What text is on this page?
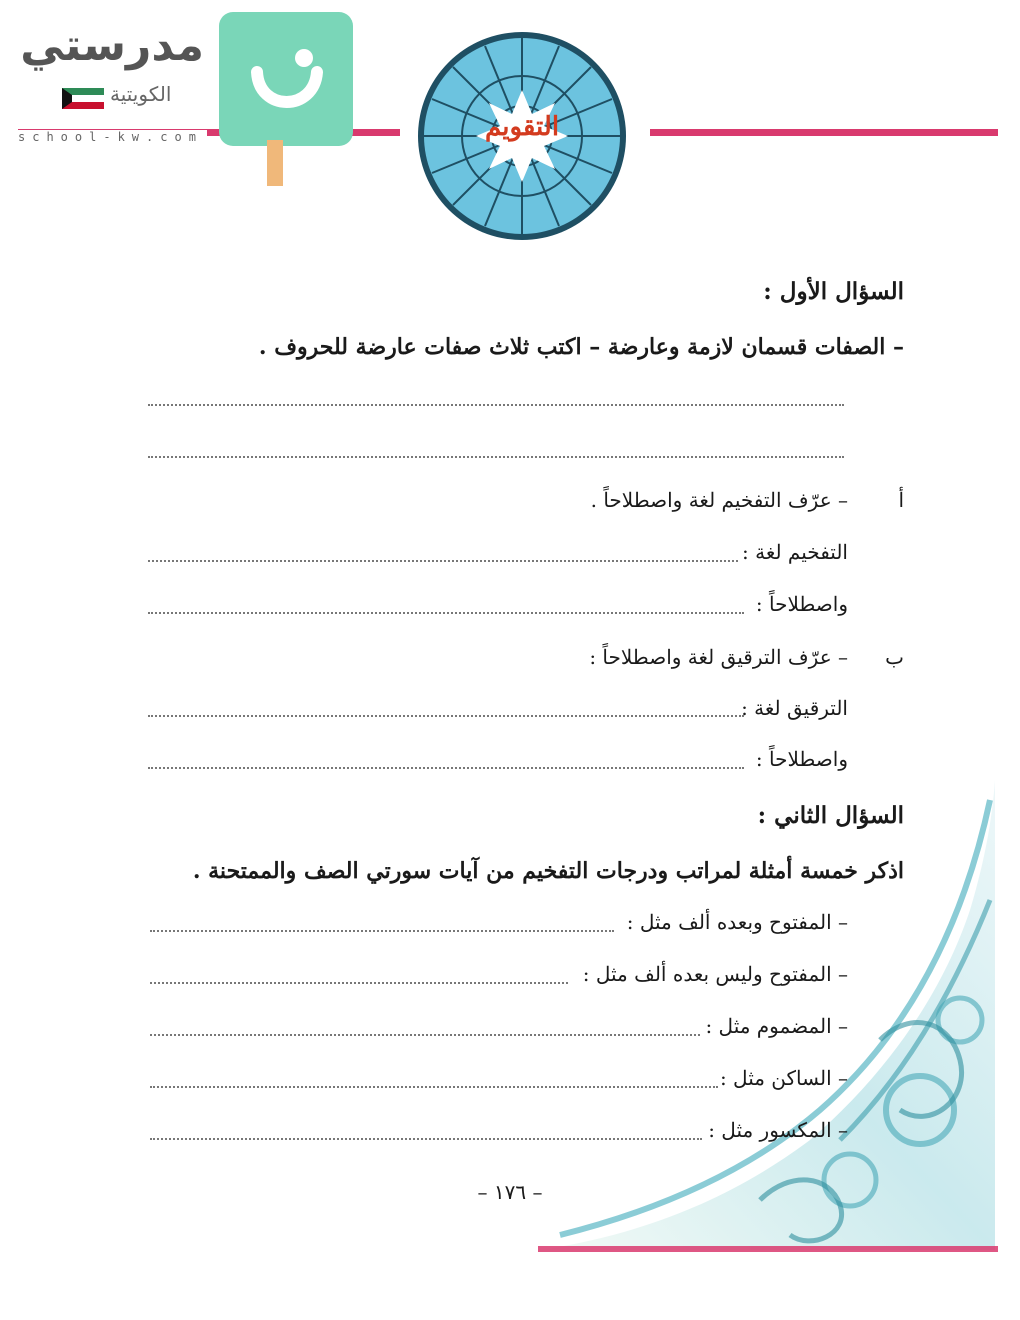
مدرستي
الكويتية
school-kw.com	التقويم
السؤال الأول :
– الصفات قسمان لازمة وعارضة – اكتب ثلاث صفات عارضة للحروف .
أ
– عرّف التفخيم لغة واصطلاحاً .
التفخيم لغة :
واصطلاحاً :
ب
– عرّف الترقيق لغة واصطلاحاً :
الترقيق لغة :
واصطلاحاً :
السؤال الثاني :
اذكر خمسة أمثلة لمراتب ودرجات التفخيم من آيات سورتي الصف والممتحنة .
– المفتوح وبعده ألف مثل :
– المفتوح وليس بعده ألف مثل :
– المضموم مثل :
– الساكن مثل :
– المكسور مثل :
– ١٧٦ –
